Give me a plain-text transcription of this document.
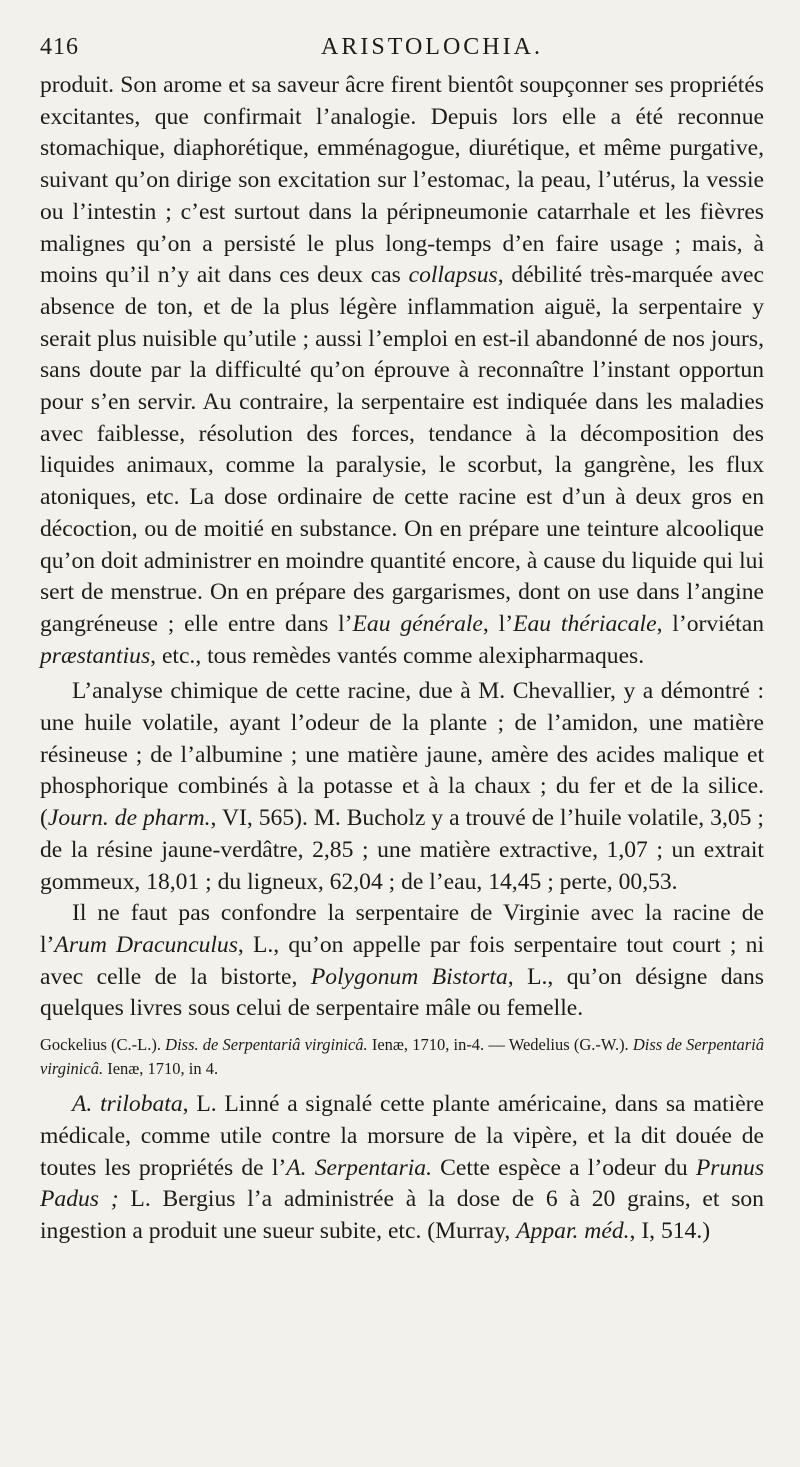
416	ARISTOLOCHIA.

produit. Son arome et sa saveur âcre firent bientôt soupçonner ses propriétés excitantes, que confirmait l’analogie. Depuis lors elle a été reconnue stomachique, diaphorétique, emménagogue, diurétique, et même purgative, suivant qu’on dirige son excitation sur l’estomac, la peau, l’utérus, la vessie ou l’intestin ; c’est surtout dans la péripneumonie catarrhale et les fièvres malignes qu’on a persisté le plus long-temps d’en faire usage ; mais, à moins qu’il n’y ait dans ces deux cas collapsus, débilité très-marquée avec absence de ton, et de la plus légère inflammation aiguë, la serpentaire y serait plus nuisible qu’utile ; aussi l’emploi en est-il abandonné de nos jours, sans doute par la difficulté qu’on éprouve à reconnaître l’instant opportun pour s’en servir. Au contraire, la serpentaire est indiquée dans les maladies avec faiblesse, résolution des forces, tendance à la décomposition des liquides animaux, comme la paralysie, le scorbut, la gangrène, les flux atoniques, etc. La dose ordinaire de cette racine est d’un à deux gros en décoction, ou de moitié en substance. On en prépare une teinture alcoolique qu’on doit administrer en moindre quantité encore, à cause du liquide qui lui sert de menstrue. On en prépare des gargarismes, dont on use dans l’angine gangréneuse ; elle entre dans l’Eau générale, l’Eau thériacale, l’orviétan præstantius, etc., tous remèdes vantés comme alexipharmaques.

L’analyse chimique de cette racine, due à M. Chevallier, y a démontré : une huile volatile, ayant l’odeur de la plante ; de l’amidon, une matière résineuse ; de l’albumine ; une matière jaune, amère des acides malique et phosphorique combinés à la potasse et à la chaux ; du fer et de la silice. (Journ. de pharm., VI, 565). M. Bucholz y a trouvé de l’huile volatile, 3,05 ; de la résine jaune-verdâtre, 2,85 ; une matière extractive, 1,07 ; un extrait gommeux, 18,01 ; du ligneux, 62,04 ; de l’eau, 14,45 ; perte, 00,53.

Il ne faut pas confondre la serpentaire de Virginie avec la racine de l’Arum Dracunculus, L., qu’on appelle par fois serpentaire tout court ; ni avec celle de la bistorte, Polygonum Bistorta, L., qu’on désigne dans quelques livres sous celui de serpentaire mâle ou femelle.

Gockelius (C.-L.). Diss. de Serpentariâ virginicâ. Ienæ, 1710, in-4. — Wedelius (G.-W.). Diss de Serpentariâ virginicâ. Ienæ, 1710, in 4.

A. trilobata, L. Linné a signalé cette plante américaine, dans sa matière médicale, comme utile contre la morsure de la vipère, et la dit douée de toutes les propriétés de l’A. Serpentaria. Cette espèce a l’odeur du Prunus Padus ; L. Bergius l’a administrée à la dose de 6 à 20 grains, et son ingestion a produit une sueur subite, etc. (Murray, Appar. méd., I, 514.)
